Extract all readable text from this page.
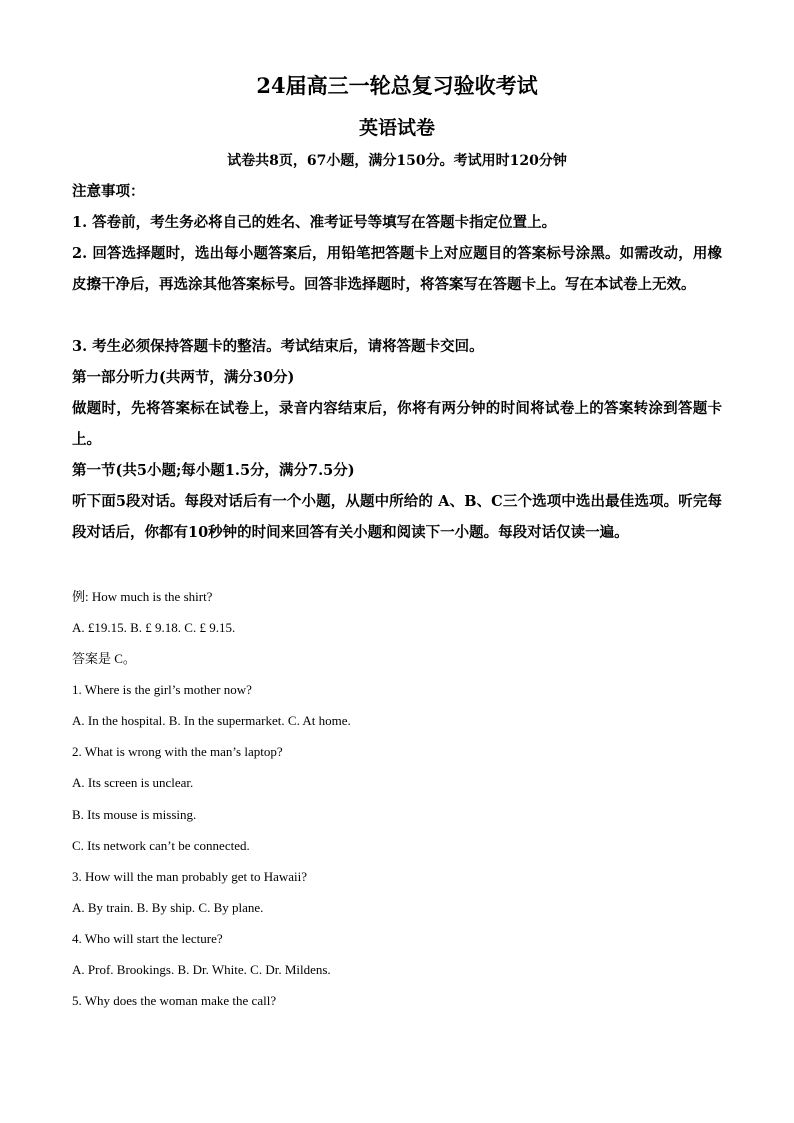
24届高三一轮总复习验收考试
英语试卷
试卷共8页，67小题，满分150分。考试用时120分钟
注意事项：
1. 答卷前，考生务必将自己的姓名、准考证号等填写在答题卡指定位置上。
2. 回答选择题时，选出每小题答案后，用铅笔把答题卡上对应题目的答案标号涂黑。如需改动，用橡皮擦干净后，再选涂其他答案标号。回答非选择题时，将答案写在答题卡上。写在本试卷上无效。
3. 考生必须保持答题卡的整洁。考试结束后，请将答题卡交回。
第一部分听力(共两节，满分30分)
做题时，先将答案标在试卷上，录音内容结束后，你将有两分钟的时间将试卷上的答案转涂到答题卡上。
第一节(共5小题;每小题1.5分，满分7.5分)
听下面5段对话。每段对话后有一个小题，从题中所给的 A、B、C三个选项中选出最佳选项。听完每段对话后，你都有10秒钟的时间来回答有关小题和阅读下一小题。每段对话仅读一遍。
例: How much is the shirt?
A. £19.15. B. £ 9.18. C. £ 9.15.
答案是 C。
1. Where is the girl’s mother now?
A. In the hospital. B. In the supermarket. C. At home.
2. What is wrong with the man’s laptop?
A. Its screen is unclear.
B. Its mouse is missing.
C. Its network can’t be connected.
3. How will the man probably get to Hawaii?
A. By train. B. By ship. C. By plane.
4. Who will start the lecture?
A. Prof. Brookings. B. Dr. White. C. Dr. Mildens.
5. Why does the woman make the call?
